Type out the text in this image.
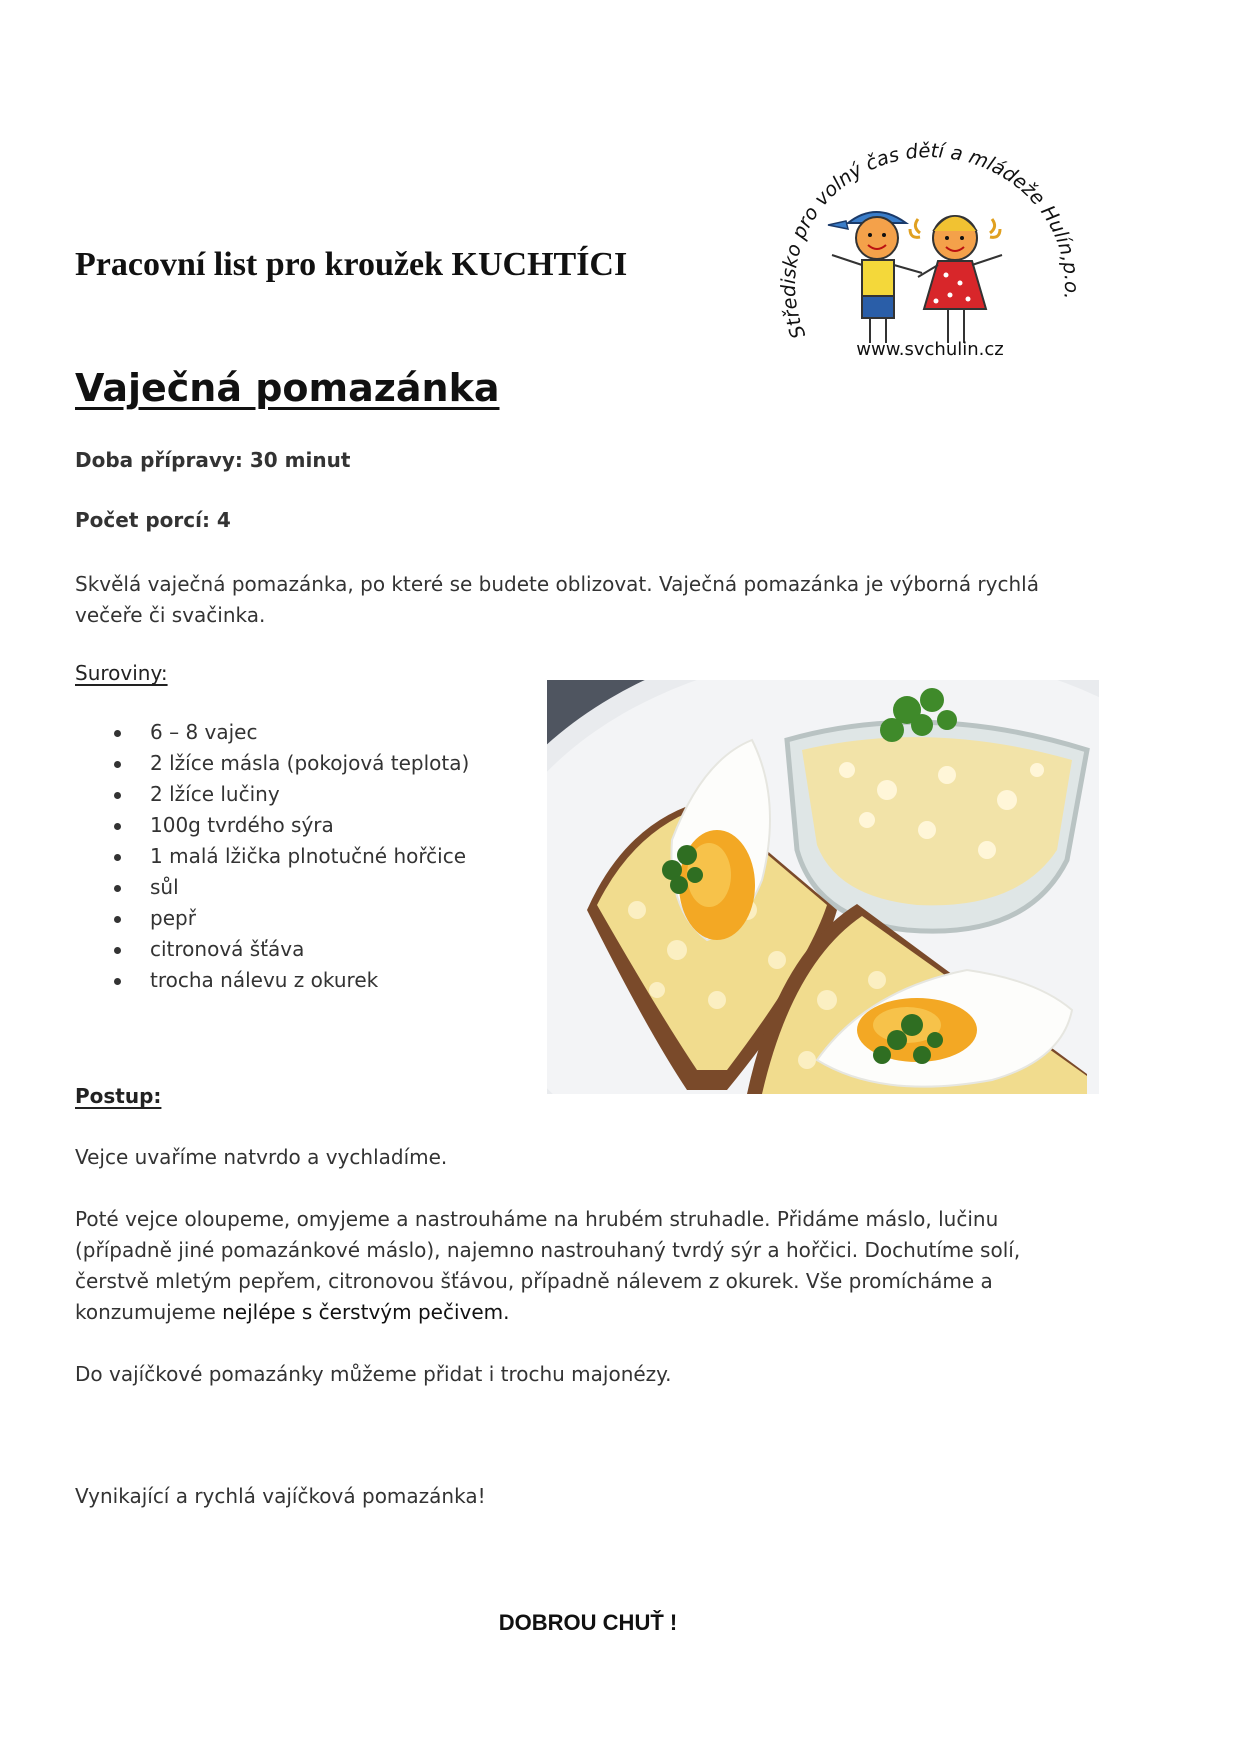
Pracovní list pro kroužek KUCHTÍCI
Středisko pro volný čas dětí a mládeže Hulín,p.o.
www.svchulin.cz
Vaječná pomazánka
Doba přípravy: 30 minut
Počet porcí: 4
Skvělá vaječná pomazánka, po které se budete oblizovat. Vaječná pomazánka je výborná rychlá večeře či svačinka.
Suroviny:
6 – 8 vajec
2 lžíce másla (pokojová teplota)
2 lžíce lučiny
100g tvrdého sýra
1 malá lžička plnotučné hořčice
sůl
pepř
citronová šťáva
trocha nálevu z okurek
Postup:
Vejce uvaříme natvrdo a vychladíme.
Poté vejce oloupeme, omyjeme a nastrouháme na hrubém struhadle. Přidáme máslo, lučinu (případně jiné pomazánkové máslo), najemno nastrouhaný tvrdý sýr a hořčici. Dochutíme solí, čerstvě mletým pepřem, citronovou šťávou, případně nálevem z okurek. Vše promícháme a konzumujeme nejlépe s čerstvým pečivem.
Do vajíčkové pomazánky můžeme přidat i trochu majonézy.
Vynikající a rychlá vajíčková pomazánka!
DOBROU CHUŤ !
